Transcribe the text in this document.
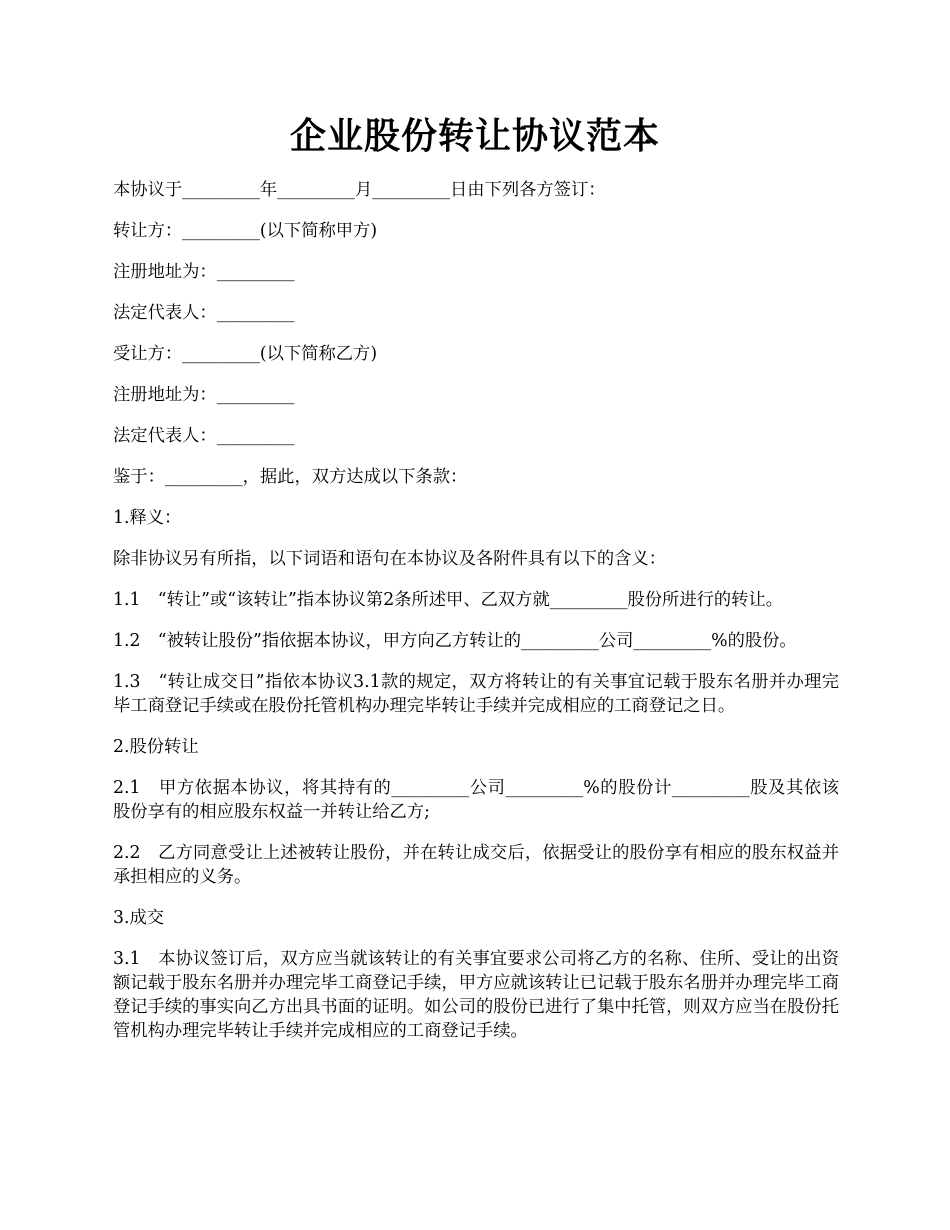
企业股份转让协议范本

本协议于_________年_________月_________日由下列各方签订：

转让方：_________(以下简称甲方)

注册地址为：_________

法定代表人：_________

受让方：_________(以下简称乙方)

注册地址为：_________

法定代表人：_________

鉴于：_________，据此，双方达成以下条款：

1.释义：

除非协议另有所指，以下词语和语句在本协议及各附件具有以下的含义：

1.1　“转让”或“该转让”指本协议第2条所述甲、乙双方就_________股份所进行的转让。

1.2　“被转让股份”指依据本协议，甲方向乙方转让的_________公司_________%的股份。

1.3　“转让成交日”指依本协议3.1款的规定，双方将转让的有关事宜记载于股东名册并办理完毕工商登记手续或在股份托管机构办理完毕转让手续并完成相应的工商登记之日。

2.股份转让

2.1　甲方依据本协议，将其持有的_________公司_________%的股份计_________股及其依该股份享有的相应股东权益一并转让给乙方;

2.2　乙方同意受让上述被转让股份，并在转让成交后，依据受让的股份享有相应的股东权益并承担相应的义务。

3.成交

3.1　本协议签订后，双方应当就该转让的有关事宜要求公司将乙方的名称、住所、受让的出资额记载于股东名册并办理完毕工商登记手续，甲方应就该转让已记载于股东名册并办理完毕工商登记手续的事实向乙方出具书面的证明。如公司的股份已进行了集中托管，则双方应当在股份托管机构办理完毕转让手续并完成相应的工商登记手续。
